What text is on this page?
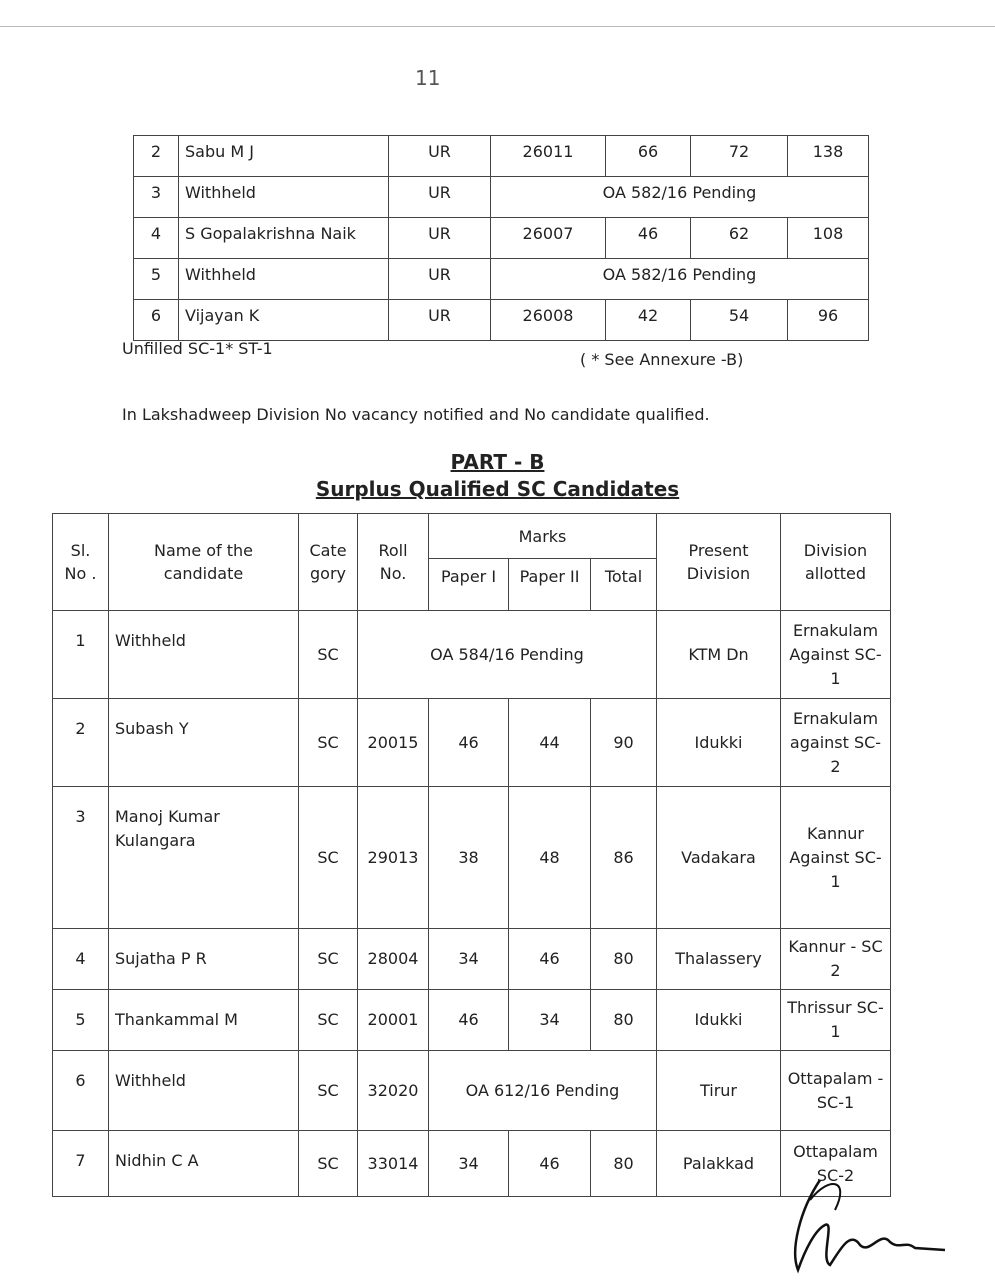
11
2	Sabu M J	UR	26011	66	72	138
3	Withheld	UR	OA 582/16 Pending			
4	S Gopalakrishna Naik	UR	26007	46	62	108
5	Withheld	UR	OA 582/16 Pending			
6	Vijayan K	UR	26008	42	54	96
Unfilled SC-1* ST-1
( * See Annexure -B)
In Lakshadweep Division No vacancy notified and No candidate qualified.
PART - B
Surplus Qualified SC Candidates
Sl. No .	Name of the candidate	Cate gory	Roll No.	Marks			Present Division	Division allotted
				Paper I	Paper II	Total		
1	Withheld	SC	OA 584/16 Pending				KTM Dn	Ernakulam Against SC-1
2	Subash Y	SC	20015	46	44	90	Idukki	Ernakulam against SC-2
3	Manoj Kumar Kulangara	SC	29013	38	48	86	Vadakara	Kannur Against SC-1
4	Sujatha P R	SC	28004	34	46	80	Thalassery	Kannur - SC 2
5	Thankammal M	SC	20001	46	34	80	Idukki	Thrissur SC-1
6	Withheld	SC	32020	OA 612/16 Pending			Tirur	Ottapalam -SC-1
7	Nidhin C A	SC	33014	34	46	80	Palakkad	Ottapalam SC-2
